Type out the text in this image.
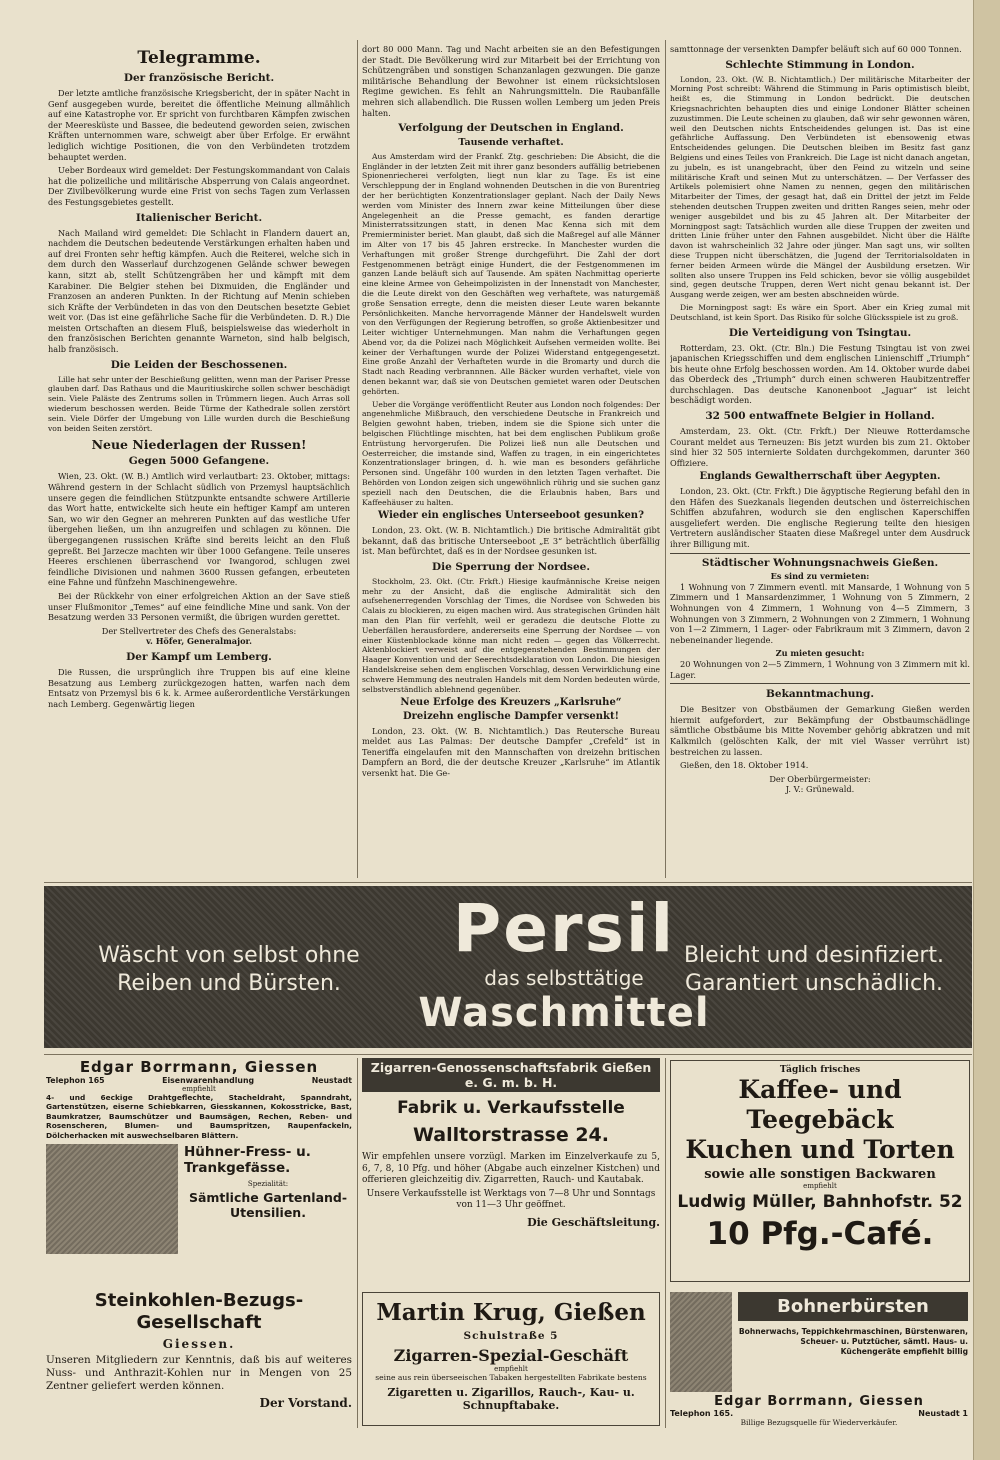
Telegramme.
Der französische Bericht.

Der letzte amtliche französische Kriegsbericht, der in später Nacht in Genf ausgegeben wurde, bereitet die öffentliche Meinung allmählich auf eine Katastrophe vor. Er spricht von furchtbaren Kämpfen zwischen der Meeresküste und Bassee, die bedeutend geworden seien, zwischen Kräften unternommen ware, schweigt aber über Erfolge. Er erwähnt lediglich wichtige Positionen, die von den Verbündeten trotzdem behauptet werden.

Ueber Bordeaux wird gemeldet: Der Festungskommandant von Calais hat die polizeiliche und militärische Absperrung von Calais angeordnet. Der Zivilbevölkerung wurde eine Frist von sechs Tagen zum Verlassen des Festungsgebietes gestellt.

Italienischer Bericht.

Nach Mailand wird gemeldet: Die Schlacht in Flandern dauert an, nachdem die Deutschen bedeutende Verstärkungen erhalten haben und auf drei Fronten sehr heftig kämpfen. Auch die Reiterei, welche sich in dem durch den Wasserlauf durchzogenen Gelände schwer bewegen kann, sitzt ab, stellt Schützengräben her und kämpft mit dem Karabiner. Die Belgier stehen bei Dixmuiden, die Engländer und Franzosen an anderen Punkten. In der Richtung auf Menin schieben sich Kräfte der Verbündeten in das von den Deutschen besetzte Gebiet weit vor. (Das ist eine gefährliche Sache für die Verbündeten. D. R.) Die meisten Ortschaften an diesem Fluß, beispielsweise das wiederholt in den französischen Berichten genannte Warneton, sind halb belgisch, halb französisch.

Die Leiden der Beschossenen.

Lille hat sehr unter der Beschießung gelitten, wenn man der Pariser Presse glauben darf. Das Rathaus und die Mauritiuskirche sollen schwer beschädigt sein. Viele Paläste des Zentrums sollen in Trümmern liegen. Auch Arras soll wiederum beschossen werden. Beide Türme der Kathedrale sollen zerstört sein. Viele Dörfer der Umgebung von Lille wurden durch die Beschießung von beiden Seiten zerstört.

Neue Niederlagen der Russen!
Gegen 5000 Gefangene.

Wien, 23. Okt. (W. B.) Amtlich wird verlautbart: 23. Oktober, mittags: Während gestern in der Schlacht südlich von Przemysl hauptsächlich unsere gegen die feindlichen Stützpunkte entsandte schwere Artillerie das Wort hatte, entwickelte sich heute ein heftiger Kampf am unteren San, wo wir den Gegner an mehreren Punkten auf das westliche Ufer übergehen ließen, um ihn anzugreifen und schlagen zu können. Die übergegangenen russischen Kräfte sind bereits leicht an den Fluß gepreßt. Bei Jarzecze machten wir über 1000 Gefangene. Teile unseres Heeres erschienen überraschend vor Iwangorod, schlugen zwei feindliche Divisionen und nahmen 3600 Russen gefangen, erbeuteten eine Fahne und fünfzehn Maschinengewehre.

Bei der Rückkehr von einer erfolgreichen Aktion an der Save stieß unser Flußmonitor „Temes“ auf eine feindliche Mine und sank. Von der Besatzung werden 33 Personen vermißt, die übrigen wurden gerettet.

Der Stellvertreter des Chefs des Generalstabs:
v. Höfer, Generalmajor.
Der Kampf um Lemberg.

Die Russen, die ursprünglich ihre Truppen bis auf eine kleine Besatzung aus Lemberg zurückgezogen hatten, warfen nach dem Entsatz von Przemysl bis 6 k. k. Armee außerordentliche Verstärkungen nach Lemberg. Gegenwärtig liegen

dort 80 000 Mann. Tag und Nacht arbeiten sie an den Befestigungen der Stadt. Die Bevölkerung wird zur Mitarbeit bei der Errichtung von Schützengräben und sonstigen Schanzanlagen gezwungen. Die ganze militärische Behandlung der Bewohner ist einem rücksichtslosen Regime gewichen. Es fehlt an Nahrungsmitteln. Die Raubanfälle mehren sich allabendlich. Die Russen wollen Lemberg um jeden Preis halten.

Verfolgung der Deutschen in England.
Tausende verhaftet.

Aus Amsterdam wird der Frankf. Ztg. geschrieben: Die Absicht, die die Engländer in der letzten Zeit mit ihrer ganz besonders auffällig betriebenen Spionenriecherei verfolgten, liegt nun klar zu Tage. Es ist eine Verschleppung der in England wohnenden Deutschen in die von Burentrieg der her berüchtigten Konzentrationslager geplant. Nach der Daily News werden vom Minister des Innern zwar keine Mitteilungen über diese Angelegenheit an die Presse gemacht, es fanden derartige Ministerratssitzungen statt, in denen Mac Kenna sich mit dem Premierminister beriet. Man glaubt, daß sich die Maßregel auf alle Männer im Alter von 17 bis 45 Jahren erstrecke. In Manchester wurden die Verhaftungen mit großer Strenge durchgeführt. Die Zahl der dort Festgenommenen beträgt einige Hundert, die der Festgenommenen im ganzen Lande beläuft sich auf Tausende. Am späten Nachmittag operierte eine kleine Armee von Geheimpolizisten in der Innenstadt von Manchester, die die Leute direkt von den Geschäften weg verhaftete, was naturgemäß große Sensation erregte, denn die meisten dieser Leute waren bekannte Persönlichkeiten. Manche hervorragende Männer der Handelswelt wurden von den Verfügungen der Regierung betroffen, so große Aktienbesitzer und Leiter wichtiger Unternehmungen. Man nahm die Verhaftungen gegen Abend vor, da die Polizei nach Möglichkeit Aufsehen vermeiden wollte. Bei keiner der Verhaftungen wurde der Polizei Widerstand entgegengesetzt. Eine große Anzahl der Verhafteten wurde in die Bromarty und durch die Stadt nach Reading verbrannnen. Alle Bäcker wurden verhaftet, viele von denen bekannt war, daß sie von Deutschen gemietet waren oder Deutschen gehörten.

Ueber die Vorgänge veröffentlicht Reuter aus London noch folgendes: Der angenehmliche Mißbrauch, den verschiedene Deutsche in Frankreich und Belgien gewohnt haben, trieben, indem sie die Spione sich unter die belgischen Flüchtlinge mischten, hat bei dem englischen Publikum große Entrüstung hervorgerufen. Die Polizei ließ nun alle Deutschen und Oesterreicher, die imstande sind, Waffen zu tragen, in ein eingerichtetes Konzentrationslager bringen, d. h. wie man es besonders gefährliche Personen sind. Ungefähr 100 wurden in den letzten Tagen verhaftet. Die Behörden von London zeigen sich ungewöhnlich rührig und sie suchen ganz speziell nach den Deutschen, die die Erlaubnis haben, Bars und Kaffeehäuser zu halten.

Wieder ein englisches Unterseeboot gesunken?

London, 23. Okt. (W. B. Nichtamtlich.) Die britische Admiralität gibt bekannt, daß das britische Unterseeboot „E 3“ beträchtlich überfällig ist. Man befürchtet, daß es in der Nordsee gesunken ist.

Die Sperrung der Nordsee.

Stockholm, 23. Okt. (Ctr. Frkft.) Hiesige kaufmännische Kreise neigen mehr zu der Ansicht, daß die englische Admiralität sich den aufsehenerregenden Vorschlag der Times, die Nordsee von Schweden bis Calais zu blockieren, zu eigen machen wird. Aus strategischen Gründen hält man den Plan für verfehlt, weil er geradezu die deutsche Flotte zu Ueberfällen herausfordere, andererseits eine Sperrung der Nordsee — von einer Küstenblockade könne man nicht reden — gegen das Völkerrecht. Aktenblockiert verweist auf die entgegenstehenden Bestimmungen der Haager Konvention und der Seerechtsdeklaration von London. Die hiesigen Handelskreise sehen dem englischen Vorschlag, dessen Verwirklichung eine schwere Hemmung des neutralen Handels mit dem Norden bedeuten würde, selbstverständlich ablehnend gegenüber.

Neue Erfolge des Kreuzers „Karlsruhe“
Dreizehn englische Dampfer versenkt!

London, 23. Okt. (W. B. Nichtamtlich.) Das Reutersche Bureau meldet aus Las Palmas: Der deutsche Dampfer „Crefeld“ ist in Teneriffa eingelaufen mit den Mannschaften von dreizehn britischen Dampfern an Bord, die der deutsche Kreuzer „Karlsruhe“ im Atlantik versenkt hat. Die Ge-

samttonnage der versenkten Dampfer beläuft sich auf 60 000 Tonnen.

Schlechte Stimmung in London.

London, 23. Okt. (W. B. Nichtamtlich.) Der militärische Mitarbeiter der Morning Post schreibt: Während die Stimmung in Paris optimistisch bleibt, heißt es, die Stimmung in London bedrückt. Die deutschen Kriegsnachrichten behaupten dies und einige Londoner Blätter scheinen zuzustimmen. Die Leute scheinen zu glauben, daß wir sehr gewonnen wären, weil den Deutschen nichts Entscheidendes gelungen ist. Das ist eine gefährliche Auffassung. Den Verbündeten ist ebensowenig etwas Entscheidendes gelungen. Die Deutschen bleiben im Besitz fast ganz Belgiens und eines Teiles von Frankreich. Die Lage ist nicht danach angetan, zu jubeln, es ist unangebracht, über den Feind zu witzeln und seine militärische Kraft und seinen Mut zu unterschätzen. — Der Verfasser des Artikels polemisiert ohne Namen zu nennen, gegen den militärischen Mitarbeiter der Times, der gesagt hat, daß ein Drittel der jetzt im Felde stehenden deutschen Truppen zweiten und dritten Ranges seien, mehr oder weniger ausgebildet und bis zu 45 Jahren alt. Der Mitarbeiter der Morningpost sagt: Tatsächlich wurden alle diese Truppen der zweiten und dritten Linie früher unter den Fahnen ausgebildet. Nicht über die Hälfte davon ist wahrscheinlich 32 Jahre oder jünger. Man sagt uns, wir sollten diese Truppen nicht überschätzen, die Jugend der Territorialsoldaten in ferner beiden Armeen würde die Mängel der Ausbildung ersetzen. Wir sollten also unsere Truppen ins Feld schicken, bevor sie völlig ausgebildet sind, gegen deutsche Truppen, deren Wert nicht genau bekannt ist. Der Ausgang werde zeigen, wer am besten abschneiden würde.

Die Morningpost sagt: Es wäre ein Sport. Aber ein Krieg zumal mit Deutschland, ist kein Sport. Das Risiko für solche Glücksspiele ist zu groß.

Die Verteidigung von Tsingtau.

Rotterdam, 23. Okt. (Ctr. Bln.) Die Festung Tsingtau ist von zwei japanischen Kriegsschiffen und dem englischen Linienschiff „Triumph“ bis heute ohne Erfolg beschossen worden. Am 14. Oktober wurde dabei das Oberdeck des „Triumph“ durch einen schweren Haubitzentreffer durchschlagen. Das deutsche Kanonenboot „Jaguar“ ist leicht beschädigt worden.

32 500 entwaffnete Belgier in Holland.

Amsterdam, 23. Okt. (Ctr. Frkft.) Der Nieuwe Rotterdamsche Courant meldet aus Terneuzen: Bis jetzt wurden bis zum 21. Oktober sind hier 32 505 internierte Soldaten durchgekommen, darunter 360 Offiziere.

Englands Gewaltherrschaft über Aegypten.

London, 23. Okt. (Ctr. Frkft.) Die ägyptische Regierung befahl den in den Häfen des Suezkanals liegenden deutschen und österreichischen Schiffen abzufahren, wodurch sie den englischen Kaperschiffen ausgeliefert werden. Die englische Regierung teilte den hiesigen Vertretern ausländischer Staaten diese Maßregel unter dem Ausdruck ihrer Billigung mit.

Städtischer Wohnungsnachweis Gießen.
Es sind zu vermieten:

1 Wohnung von 7 Zimmern eventl. mit Mansarde, 1 Wohnung von 5 Zimmern und 1 Mansardenzimmer, 1 Wohnung von 5 Zimmern, 2 Wohnungen von 4 Zimmern, 1 Wohnung von 4—5 Zimmern, 3 Wohnungen von 3 Zimmern, 2 Wohnungen von 2 Zimmern, 1 Wohnung von 1—2 Zimmern, 1 Lager- oder Fabrikraum mit 3 Zimmern, davon 2 nebeneinander liegende.

Zu mieten gesucht:

20 Wohnungen von 2—5 Zimmern, 1 Wohnung von 3 Zimmern mit kl. Lager.

Bekanntmachung.

Die Besitzer von Obstbäumen der Gemarkung Gießen werden hiermit aufgefordert, zur Bekämpfung der Obstbaumschädlinge sämtliche Obstbäume bis Mitte November gehörig abkratzen und mit Kalkmilch (gelöschten Kalk, der mit viel Wasser verrührt ist) bestreichen zu lassen.

Gießen, den 18. Oktober 1914.

Der Oberbürgermeister:
J. V.: Grünewald.
Persil
Wäscht von selbst ohne Reiben und Bürsten.	das selbsttätige
Waschmittel
Bleicht und desinfiziert. Garantiert unschädlich.
Edgar Borrmann, Giessen
Telephon 165	Eisenwarenhandlung	Neustadt
empfiehlt
4- und 6eckige Drahtgeflechte, Stacheldraht, Spanndraht, Gartenstützen, eiserne Schiebkarren, Giesskannen, Kokosstricke, Bast, Baumkratzer, Baumschützer und Baumsägen, Rechen, Reben- und Rosenscheren, Blumen- und Baumspritzen, Raupenfackeln, Dölcherhacken mit auswechselbaren Blättern.
Hühner-Fress- u. Trankgefässe.
Spezialität:
Sämtliche Gartenland-Utensilien.
Steinkohlen-Bezugs-Gesellschaft
Giessen.
Unseren Mitgliedern zur Kenntnis, daß bis auf weiteres Nuss- und Anthrazit-Kohlen nur in Mengen von 25 Zentner geliefert werden können.
Der Vorstand.
Zigarren-Genossenschaftsfabrik Gießen e. G. m. b. H.
Fabrik u. Verkaufsstelle
Walltorstrasse 24.
Wir empfehlen unsere vorzügl. Marken im Einzelverkaufe zu 5, 6, 7, 8, 10 Pfg. und höher (Abgabe auch einzelner Kistchen) und offerieren gleichzeitig div. Zigarretten, Rauch- und Kautabak.
Unsere Verkaufsstelle ist Werktags von 7—8 Uhr und Sonntags von 11—3 Uhr geöffnet.
Die Geschäftsleitung.
Martin Krug, Gießen
Schulstraße 5
Zigarren-Spezial-Geschäft
empfiehlt
seine aus rein überseeischen Tabaken hergestellten Fabrikate bestens
Zigaretten u. Zigarillos, Rauch-, Kau- u. Schnupftabake.
Täglich frisches
Kaffee- und Teegebäck
Kuchen und Torten
sowie alle sonstigen Backwaren
empfiehlt
Ludwig Müller, Bahnhofstr. 52
10 Pfg.-Café.
Bohnerbürsten
Bohnerwachs, Teppichkehrmaschinen, Bürstenwaren, Scheuer- u. Putztücher, sämtl. Haus- u. Küchengeräte empfiehlt billig
Edgar Borrmann, Giessen
Telephon 165.	Neustadt 1
Billige Bezugsquelle für Wiederverkäufer.
